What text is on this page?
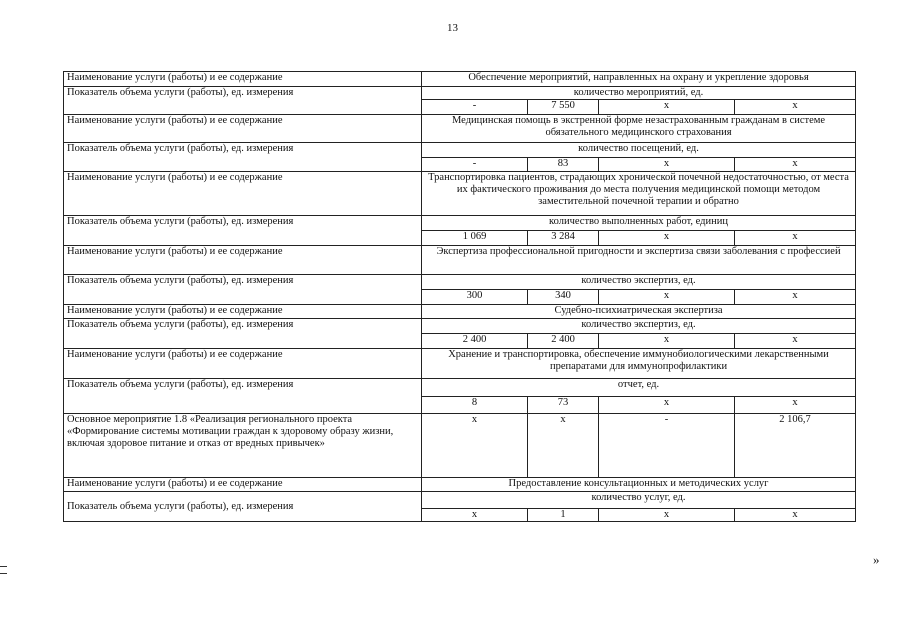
13
Наименование услуги (работы) и ее содержание	Обеспечение мероприятий, направленных на охрану и укрепление здоровья			
Показатель объема услуги (работы), ед. измерения	количество мероприятий, ед.			
	-	7 550	x	x
Наименование услуги (работы) и ее содержание	Медицинская помощь в экстренной форме незастрахованным гражданам в системе обязательного медицинского страхования			
Показатель объема услуги (работы), ед. измерения	количество посещений, ед.			
	-	83	x	x
Наименование услуги (работы) и ее содержание	Транспортировка пациентов, страдающих хронической почечной недостаточностью, от места их фактического проживания до места получения медицинской помощи методом заместительной почечной терапии и обратно			
Показатель объема услуги (работы), ед. измерения	количество выполненных работ, единиц			
	1 069	3 284	x	x
Наименование услуги (работы) и ее содержание	Экспертиза профессиональной пригодности и экспертиза связи заболевания с профессией			
Показатель объема услуги (работы), ед. измерения	количество экспертиз, ед.			
	300	340	x	x
Наименование услуги (работы) и ее содержание	Судебно-психиатрическая экспертиза			
Показатель объема услуги (работы), ед. измерения	количество экспертиз, ед.			
	2 400	2 400	x	x
Наименование услуги (работы) и ее содержание	Хранение и транспортировка, обеспечение иммунобиологическими лекарственными препаратами для иммунопрофилактики			
Показатель объема услуги (работы), ед. измерения	отчет, ед.			
	8	73	x	x
Основное мероприятие 1.8 «Реализация регионального проекта «Формирование системы мотивации граждан к здоровому образу жизни, включая здоровое питание и отказ от вредных привычек»	x	x	-	2 106,7
Наименование услуги (работы) и ее содержание	Предоставление консультационных и методических услуг			
Показатель объема услуги (работы), ед. измерения	количество услуг, ед.			
	x	1	x	x
»
